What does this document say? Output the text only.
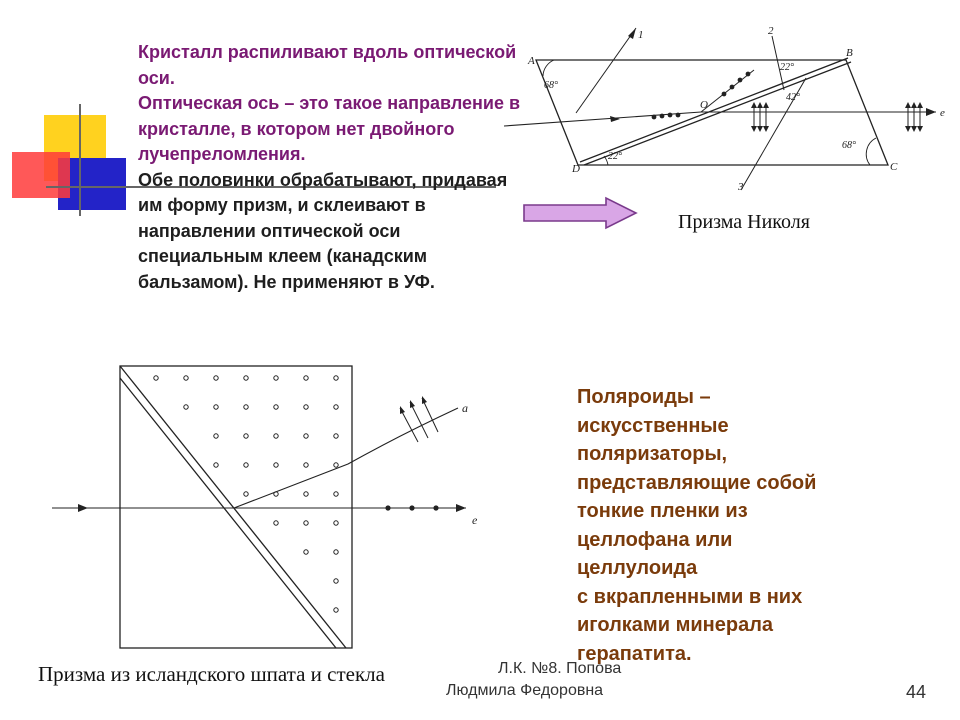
Кристалл распиливают вдоль оптической оси.
Оптическая ось – это такое направление в кристалле, в котором нет двойного лучепреломления.
Обе половинки обрабатывают, придавая им форму призм, и склеивают в направлении оптической оси специальным клеем (канадским бальзамом). Не применяют в УФ.
A
B
C
D
1	2
3
O
e
68°
22°
42°
22°
68°
Призма Николя
a
e
Призма из исландского шпата и стекла
Поляроиды –
искусственные
поляризаторы,
представляющие собой
тонкие пленки из
целлофана или
целлулоида
с вкрапленными в них
иголками минерала
герапатита.
Л.К. №8. Попова
Людмила Федоровна	44
